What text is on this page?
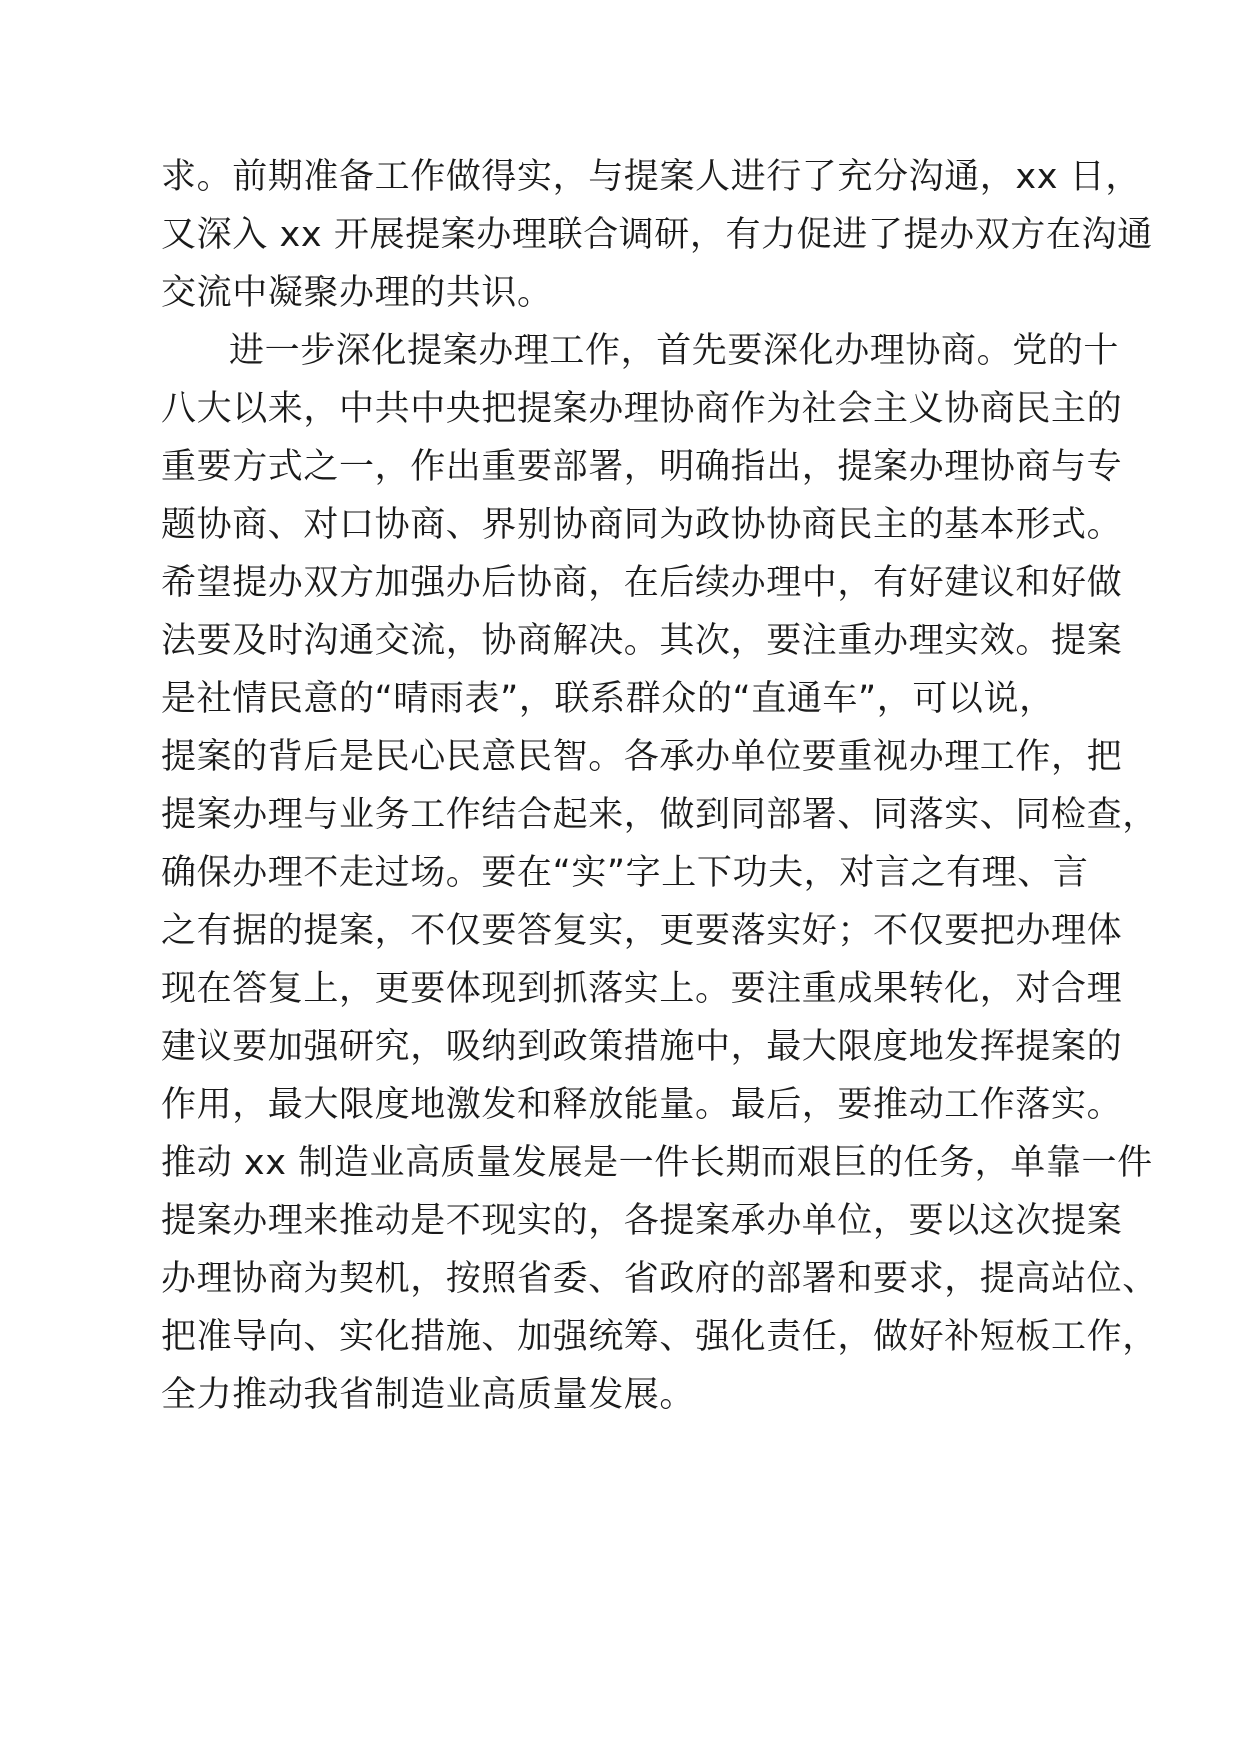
求。前期准备工作做得实，与提案人进行了充分沟通，xx 日，

又深入 xx 开展提案办理联合调研，有力促进了提办双方在沟通

交流中凝聚办理的共识。

进一步深化提案办理工作，首先要深化办理协商。党的十

八大以来，中共中央把提案办理协商作为社会主义协商民主的

重要方式之一，作出重要部署，明确指出，提案办理协商与专

题协商、对口协商、界别协商同为政协协商民主的基本形式。

希望提办双方加强办后协商，在后续办理中，有好建议和好做

法要及时沟通交流，协商解决。其次，要注重办理实效。提案

是社情民意的“晴雨表”，联系群众的“直通车”，可以说，

提案的背后是民心民意民智。各承办单位要重视办理工作，把

提案办理与业务工作结合起来，做到同部署、同落实、同检查，

确保办理不走过场。要在“实”字上下功夫，对言之有理、言

之有据的提案，不仅要答复实，更要落实好；不仅要把办理体

现在答复上，更要体现到抓落实上。要注重成果转化，对合理

建议要加强研究，吸纳到政策措施中，最大限度地发挥提案的

作用，最大限度地激发和释放能量。最后，要推动工作落实。

推动 xx 制造业高质量发展是一件长期而艰巨的任务，单靠一件

提案办理来推动是不现实的，各提案承办单位，要以这次提案

办理协商为契机，按照省委、省政府的部署和要求，提高站位、

把准导向、实化措施、加强统筹、强化责任，做好补短板工作，

全力推动我省制造业高质量发展。
